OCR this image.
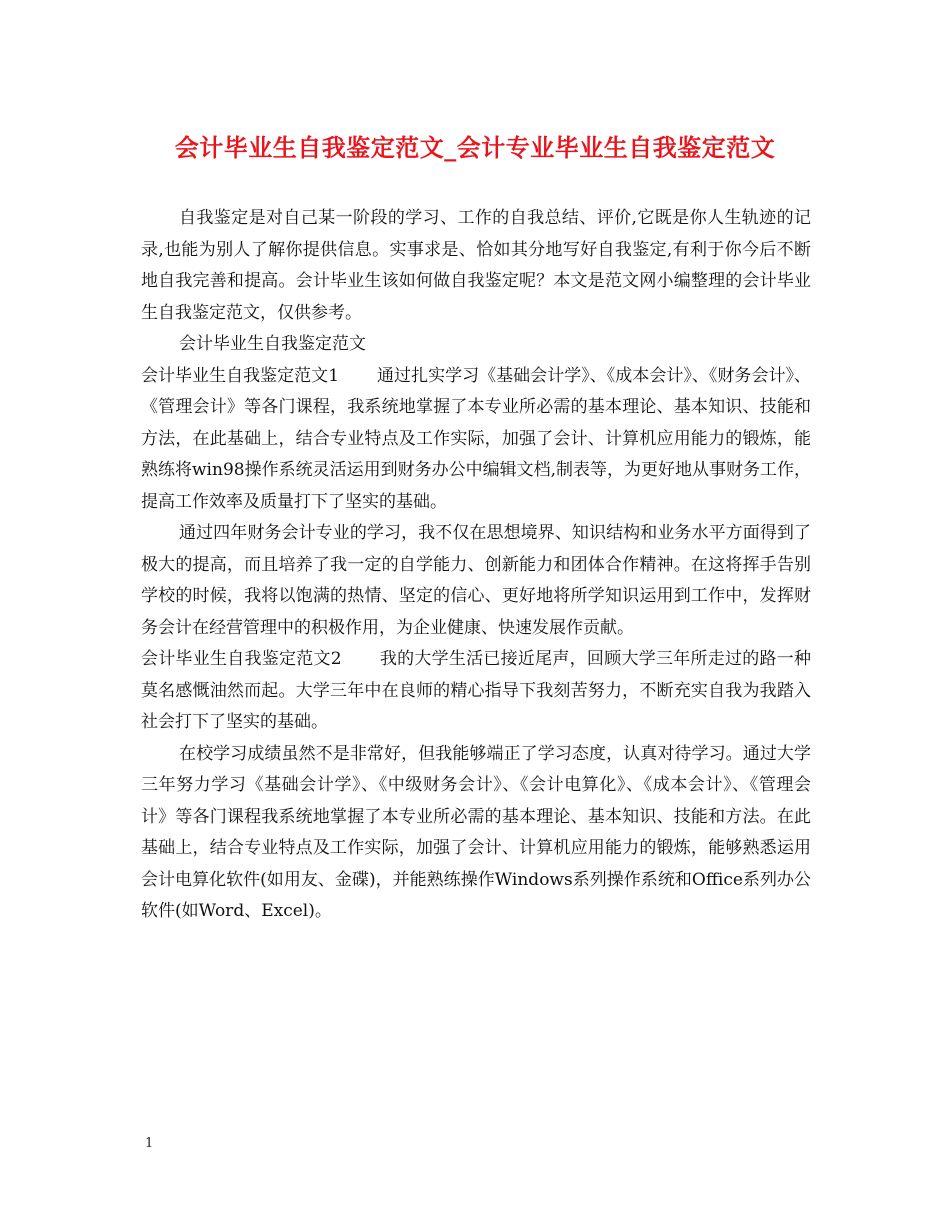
会计毕业生自我鉴定范文_会计专业毕业生自我鉴定范文

自我鉴定是对自己某一阶段的学习、工作的自我总结、评价,它既是你人生轨迹的记录,也能为别人了解你提供信息。实事求是、恰如其分地写好自我鉴定,有利于你今后不断地自我完善和提高。会计毕业生该如何做自我鉴定呢？本文是范文网小编整理的会计毕业生自我鉴定范文，仅供参考。

会计毕业生自我鉴定范文

会计毕业生自我鉴定范文1 通过扎实学习《基础会计学》、《成本会计》、《财务会计》、《管理会计》等各门课程，我系统地掌握了本专业所必需的基本理论、基本知识、技能和方法，在此基础上，结合专业特点及工作实际，加强了会计、计算机应用能力的锻炼，能熟练将win98操作系统灵活运用到财务办公中编辑文档,制表等，为更好地从事财务工作，提高工作效率及质量打下了坚实的基础。

通过四年财务会计专业的学习，我不仅在思想境界、知识结构和业务水平方面得到了极大的提高，而且培养了我一定的自学能力、创新能力和团体合作精神。在这将挥手告别学校的时候，我将以饱满的热情、坚定的信心、更好地将所学知识运用到工作中，发挥财务会计在经营管理中的积极作用，为企业健康、快速发展作贡献。

会计毕业生自我鉴定范文2 我的大学生活已接近尾声，回顾大学三年所走过的路一种莫名感慨油然而起。大学三年中在良师的精心指导下我刻苦努力，不断充实自我为我踏入社会打下了坚实的基础。

在校学习成绩虽然不是非常好，但我能够端正了学习态度，认真对待学习。通过大学三年努力学习《基础会计学》、《中级财务会计》、《会计电算化》、《成本会计》、《管理会计》等各门课程我系统地掌握了本专业所必需的基本理论、基本知识、技能和方法。在此基础上，结合专业特点及工作实际，加强了会计、计算机应用能力的锻炼，能够熟悉运用会计电算化软件(如用友、金碟)，并能熟练操作Windows系列操作系统和Office系列办公软件(如Word、Excel)。

1
